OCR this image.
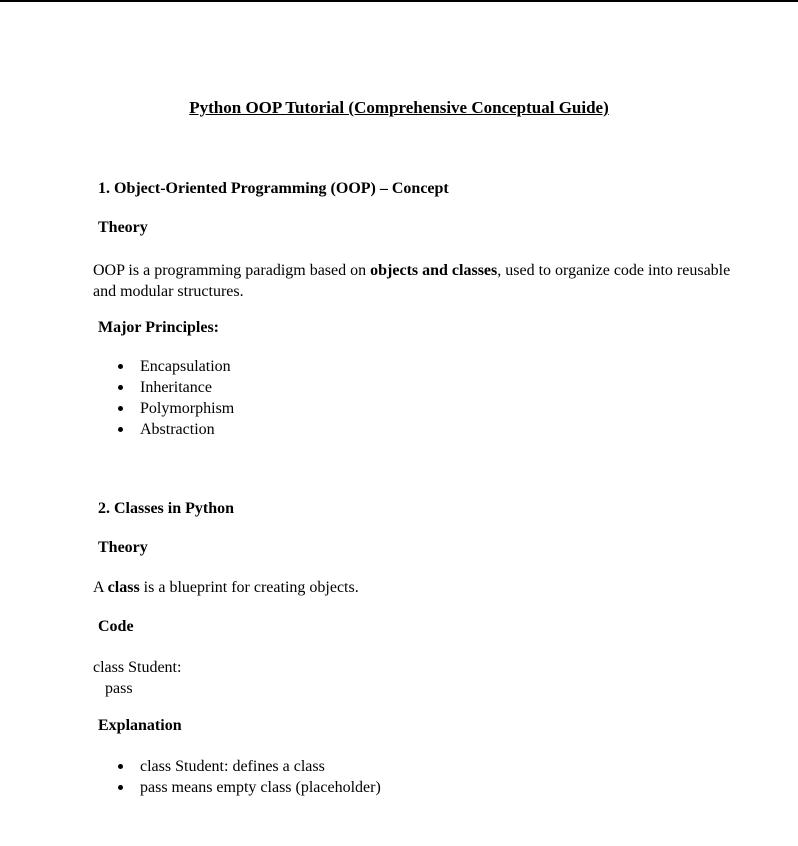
Python OOP Tutorial (Comprehensive Conceptual Guide)
1. Object-Oriented Programming (OOP) – Concept
Theory
OOP is a programming paradigm based on objects and classes, used to organize code into reusable and modular structures.
Major Principles:
Encapsulation
Inheritance
Polymorphism
Abstraction
2. Classes in Python
Theory
A class is a blueprint for creating objects.
Code
class Student:
pass
Explanation
class Student: defines a class
pass means empty class (placeholder)
